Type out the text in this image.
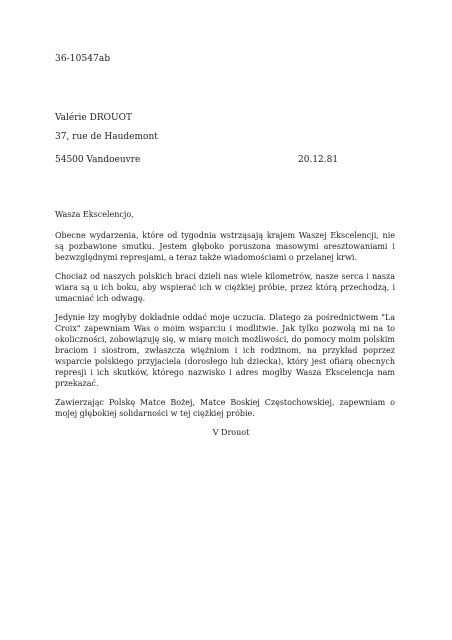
36-10547ab
Valérie DROUOT
37, rue de Haudemont
54500 Vandoeuvre	20.12.81

Wasza Ekscelencjo,

Obecne wydarzenia, które od tygodnia wstrząsają krajem Waszej Ekscelencji, nie są pozbawione smutku. Jestem głęboko poruszona masowymi aresztowaniami i bezwzględnymi represjami, a teraz także wiadomościami o przelanej krwi.

Chociaż od naszych polskich braci dzieli nas wiele kilometrów, nasze serca i nasza wiara są u ich boku, aby wspierać ich w ciężkiej próbie, przez którą przechodzą, i umacniać ich odwagę.

Jedynie łzy mogłyby dokładnie oddać moje uczucia. Dlatego za pośrednictwem "La Croix" zapewniam Was o moim wsparciu i modlitwie. Jak tylko pozwolą mi na to okoliczności, zobowiązuję się, w miarę moich możliwości, do pomocy moim polskim braciom i siostrom, zwłaszcza więźniom i ich rodzinom, na przykład poprzez wsparcie polskiego przyjaciela (dorosłego lub dziecka), który jest ofiarą obecnych represji i ich skutków, którego nazwisko i adres mogłby Wasza Ekscelencja nam przekazać.

Zawierzając Polskę Matce Bożej, Matce Boskiej Częstochowskiej, zapewniam o mojej głębokiej solidarności w tej ciężkiej próbie.

V Drouot
